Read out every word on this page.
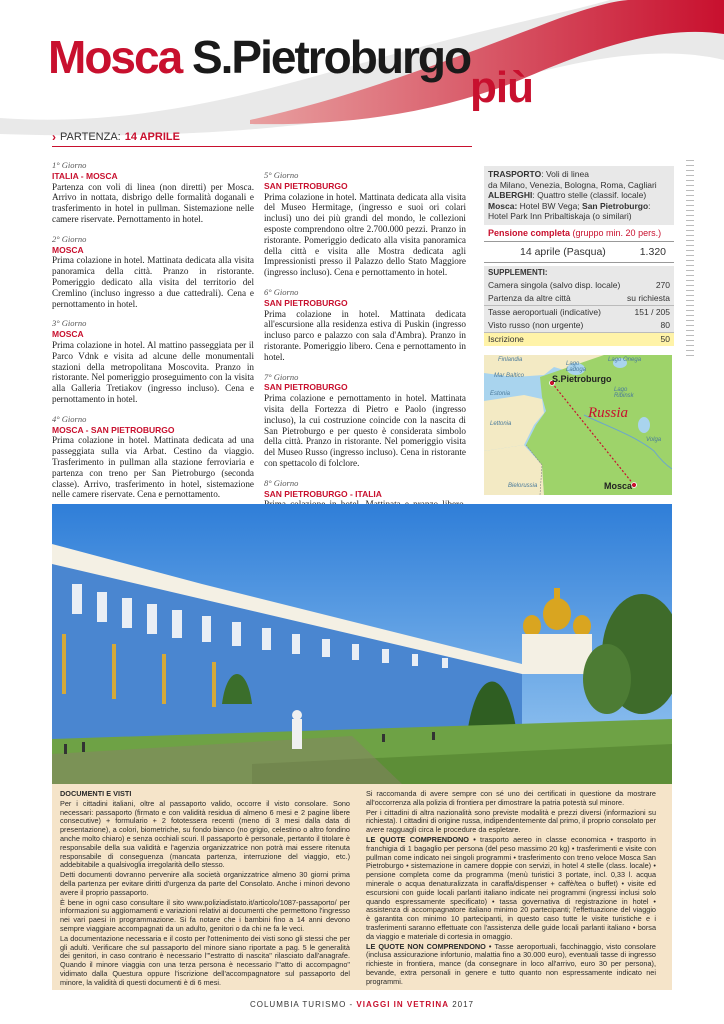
Mosca S.Pietroburgo
più
› PARTENZA: 14 APRILE
1° Giorno
ITALIA - MOSCA
Partenza con voli di linea (non diretti) per Mosca. Arrivo in nottata, disbrigo delle formalità doganali e trasferimento in hotel in pullman. Sistemazione nelle camere riservate. Pernottamento in hotel.
2° Giorno
MOSCA
Prima colazione in hotel. Mattinata dedicata alla visita panoramica della città. Pranzo in ristorante. Pomeriggio dedicato alla visita del territorio del Cremlino (incluso ingresso a due cattedrali). Cena e pernottamento in hotel.
3° Giorno
MOSCA
Prima colazione in hotel. Al mattino passeggiata per il Parco Vdnk e visita ad alcune delle monumentali stazioni della metropolitana Moscovita. Pranzo in ristorante. Nel pomeriggio proseguimento con la visita alla Galleria Tretiakov (ingresso incluso). Cena e pernottamento in hotel.
4° Giorno
MOSCA - SAN PIETROBURGO
Prima colazione in hotel. Mattinata dedicata ad una passeggiata sulla via Arbat. Cestino da viaggio. Trasferimento in pullman alla stazione ferroviaria e partenza con treno per San Pietroburgo (seconda classe). Arrivo, trasferimento in hotel, sistemazione nelle camere riservate. Cena e pernottamento.
5° Giorno
SAN PIETROBURGO
Prima colazione in hotel. Mattinata dedicata alla visita del Museo Hermitage, (ingresso e suoi ori colari inclusi) uno dei più grandi del mondo, le collezioni esposte comprendono oltre 2.700.000 pezzi. Pranzo in ristorante. Pomeriggio dedicato alla visita panoramica della città e visita alle Mostra dedicata agli Impressionisti presso il Palazzo dello Stato Maggiore (ingresso incluso). Cena e pernottamento in hotel.
6° Giorno
SAN PIETROBURGO
Prima colazione in hotel. Mattinata dedicata all'escursione alla residenza estiva di Puskin (ingresso incluso parco e palazzo con sala d'Ambra). Pranzo in ristorante. Pomeriggio libero. Cena e pernottamento in hotel.
7° Giorno
SAN PIETROBURGO
Prima colazione e pernottamento in hotel. Mattinata visita della Fortezza di Pietro e Paolo (ingresso incluso), la cui costruzione coincide con la nascita di San Pietroburgo e per questo è considerata simbolo della città. Pranzo in ristorante. Nel pomeriggio visita del Museo Russo (ingresso incluso). Cena in ristorante con spettacolo di folclore.
8° Giorno
SAN PIETROBURGO - ITALIA
TRASPORTO: Voli di linea
da Milano, Venezia, Bologna, Roma, Cagliari
ALBERGHI: Quattro stelle (classif. locale)
Mosca: Hotel BW Vega; San Pietroburgo:
Hotel Park Inn Pribaltiskaja (o similari)
Pensione completa (gruppo min. 20 pers.)
14 aprile (Pasqua)	1.320
SUPPLEMENTI:
Camera singola (salvo disp. locale)	270
Partenza da altre città	su richiesta
Tasse aeroportuali (indicative)	151 / 205
Visto russo (non urgente)	80
Iscrizione	50
Finlandia
Lago Ladoga
Lago Onega
Mar Baltico
Estonia
Lettonia
Lago Ribinsk
Volga
Bielorussia
S.Pietroburgo
Mosca
Russia

DOCUMENTI E VISTI

Per i cittadini italiani, oltre al passaporto valido, occorre il visto consolare. Sono necessari: passaporto (firmato e con validità residua di almeno 6 mesi e 2 pagine libere consecutive) + formulario + 2 fototessera recenti (meno di 3 mesi dalla data di presentazione), a colori, biometriche, su fondo bianco (no grigio, celestino o altro fondino anche molto chiaro) e senza occhiali scuri. Il passaporto è personale, pertanto il titolare è responsabile della sua validità e l'agenzia organizzatrice non potrà mai essere ritenuta responsabile di conseguenza (mancata partenza, interruzione del viaggio, etc.) addebitabile a qualsivoglia irregolarità dello stesso.

Detti documenti dovranno pervenire alla società organizzatrice almeno 30 giorni prima della partenza per evitare diritti d'urgenza da parte del Consolato. Anche i minori devono avere il proprio passaporto.

È bene in ogni caso consultare il sito www.poliziadistato.it/articolo/1087-passaporto/ per informazioni su aggiornamenti e variazioni relativi ai documenti che permettono l'ingresso nei vari paesi in programmazione. Si fa notare che i bambini fino a 14 anni devono sempre viaggiare accompagnati da un adulto, genitori o da chi ne fa le veci.

La documentazione necessaria e il costo per l'ottenimento dei visti sono gli stessi che per gli adulti. Verificare che sul passaporto del minore siano riportate a pag. 5 le generalità dei genitori, in caso contrario è necessario l'"estratto di nascita" rilasciato dall'anagrafe. Quando il minore viaggia con una terza persona è necessario l'"atto di accompagno" vidimato dalla Questura oppure l'iscrizione dell'accompagnatore sul passaporto del minore, la validità di questi documenti è di 6 mesi.

Si raccomanda di avere sempre con sé uno dei certificati in questione da mostrare all'occorrenza alla polizia di frontiera per dimostrare la patria potestà sul minore.

Per i cittadini di altra nazionalità sono previste modalità e prezzi diversi (informazioni su richiesta). I cittadini di origine russa, indipendentemente dal primo, il proprio consolato per avere ragguagli circa le procedure da espletare.

LE QUOTE COMPRENDONO • trasporto aereo in classe economica • trasporto in franchigia di 1 bagaglio per persona (del peso massimo 20 kg) • trasferimenti e visite con pullman come indicato nei singoli programmi • trasferimento con treno veloce Mosca San Pietroburgo • sistemazione in camere doppie con servizi, in hotel 4 stelle (class. locale) • pensione completa come da programma (menù turistici 3 portate, incl. 0,33 l. acqua minerale o acqua denaturalizzata in caraffa/dispenser + caffè/tea o buffet) • visite ed escursioni con guide locali parlanti italiano indicate nei programmi (ingressi inclusi solo quando espressamente specificato) • tassa governativa di registrazione in hotel • assistenza di accompagnatore italiano minimo 20 partecipanti; l'effettuazione del viaggio è garantita con minimo 10 partecipanti, in questo caso tutte le visite turistiche e i trasferimenti saranno effettuate con l'assistenza delle guide locali parlanti italiano • borsa da viaggio e materiale di cortesia in omaggio.

LE QUOTE NON COMPRENDONO • Tasse aeroportuali, facchinaggio, visto consolare (inclusa assicurazione infortunio, malattia fino a 30.000 euro), eventuali tasse di ingresso richieste in frontiera, mance (da consegnare in loco all'arrivo, euro 30 per persona), bevande, extra personali in genere e tutto quanto non espressamente indicato nei programmi.

COLUMBIA TURISMO - VIAGGI IN VETRINA 2017
